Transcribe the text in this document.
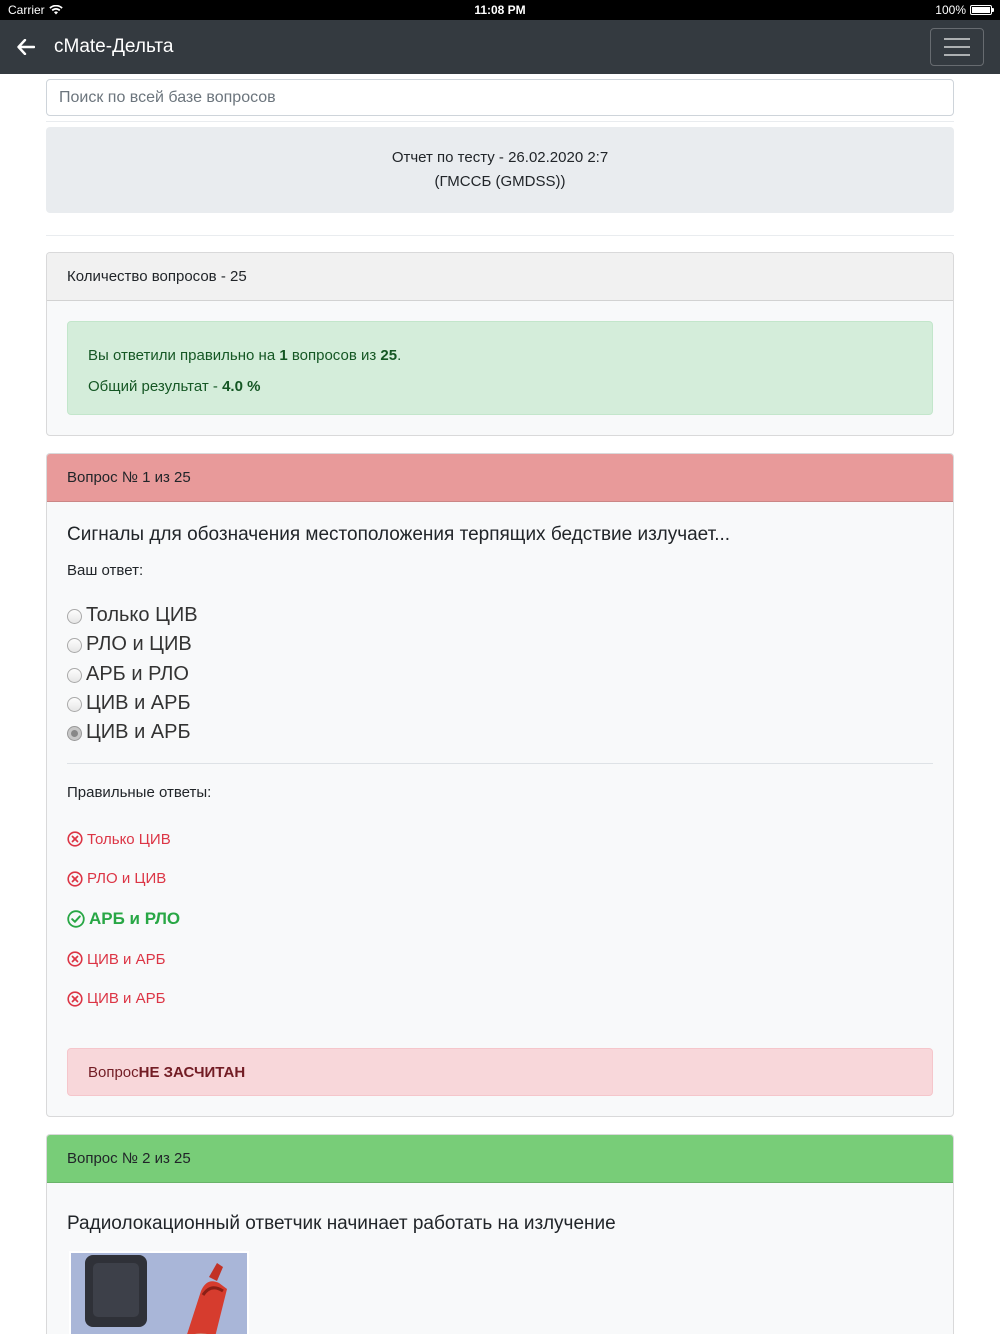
Carrier	11:08 PM	100%
cMate-Дельта
Поиск по всей базе вопросов
Отчет по тесту - 26.02.2020 2:7
(ГМССБ (GMDSS))
Количество вопросов - 25
Вы ответили правильно на 1 вопросов из 25.
Общий результат - 4.0 %
Вопрос № 1 из 25
Сигналы для обозначения местоположения терпящих бедствие излучает...
Ваш ответ:
Только ЦИВ
РЛО и ЦИВ
АРБ и РЛО
ЦИВ и АРБ
ЦИВ и АРБ
Правильные ответы:
Только ЦИВ
РЛО и ЦИВ
АРБ и РЛО
ЦИВ и АРБ
ЦИВ и АРБ
Вопрос НЕ ЗАСЧИТАН
Вопрос № 2 из 25
Радиолокационный ответчик начинает работать на излучение
